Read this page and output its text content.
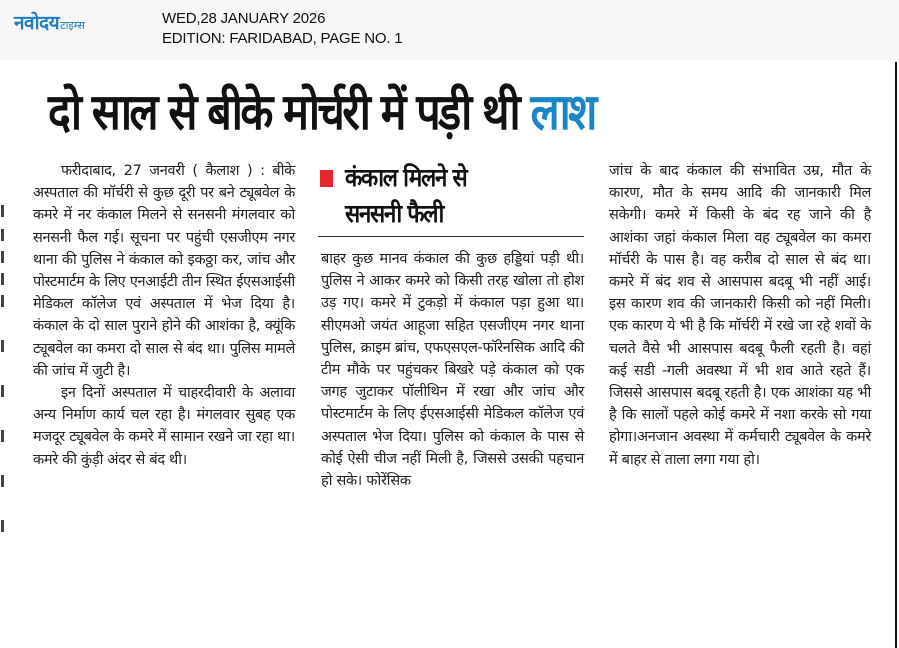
नवोदय टाइम्स	WED,28 JANUARY 2026
EDITION: FARIDABAD, PAGE NO. 1
दो साल से बीके मोर्चरी में पड़ी थी लाश

फरीदाबाद, 27 जनवरी ( कैलाश ) : बीके अस्पताल की मॉर्चरी से कुछ दूरी पर बने ट्यूबवेल के कमरे में नर कंकाल मिलने से सनसनी मंगलवार को सनसनी फैल गई। सूचना पर पहुंची एसजीएम नगर थाना की पुलिस ने कंकाल को इकठ्ठा कर, जांच और पोस्टमार्टम के लिए एनआईटी तीन स्थित ईएसआईसी मेडिकल कॉलेज एवं अस्पताल में भेज दिया है। कंकाल के दो साल पुराने होने की आशंका है, क्यूंकि ट्यूबवेल का कमरा दो साल से बंद था। पुलिस मामले की जांच में जुटी है।

इन दिनों अस्पताल में चाहरदीवारी के अलावा अन्य निर्माण कार्य चल रहा है। मंगलवार सुबह एक मजदूर ट्यूबवेल के कमरे में सामान रखने जा रहा था।कमरे की कुंड़ी अंदर से बंद थी।

कंकाल मिलने से
सनसनी फैली

बाहर कुछ मानव कंकाल की कुछ हड्डियां पड़ी थी। पुलिस ने आकर कमरे को किसी तरह खोला तो होश उड़ गए। कमरे में टुकड़ो में कंकाल पड़ा हुआ था। सीएमओ जयंत आहूजा सहित एसजीएम नगर थाना पुलिस, क्राइम ब्रांच, एफएसएल-फॉरेनसिक आदि की टीम मौके पर पहुंचकर बिखरे पड़े कंकाल को एक जगह जुटाकर पॉलीथिन में रखा और जांच और पोस्टमार्टम के लिए ईएसआईसी मेडिकल कॉलेज एवं अस्पताल भेज दिया। पुलिस को कंकाल के पास से कोई ऐसी चीज नहीं मिली है, जिससे उसकी पहचान हो सके। फोरेंसिक

जांच के बाद कंकाल की संभावित उम्र, मौत के कारण, मौत के समय आदि की जानकारी मिल सकेगी। कमरे में किसी के बंद रह जाने की है आशंका जहां कंकाल मिला वह ट्यूबवेल का कमरा मॉर्चरी के पास है। वह करीब दो साल से बंद था। कमरे में बंद शव से आसपास बदबू भी नहीं आई। इस कारण शव की जानकारी किसी को नहीं मिली। एक कारण ये भी है कि मॉर्चरी में रखे जा रहे शवों के चलते वैसे भी आसपास बदबू फैली रहती है। वहां कई सडी -गली अवस्था में भी शव आते रहते हैं। जिससे आसपास बदबू रहती है। एक आशंका यह भी है कि सालों पहले कोई कमरे में नशा करके सो गया होगा।अनजान अवस्था में कर्मचारी ट्यूबवेल के कमरे में बाहर से ताला लगा गया हो।
